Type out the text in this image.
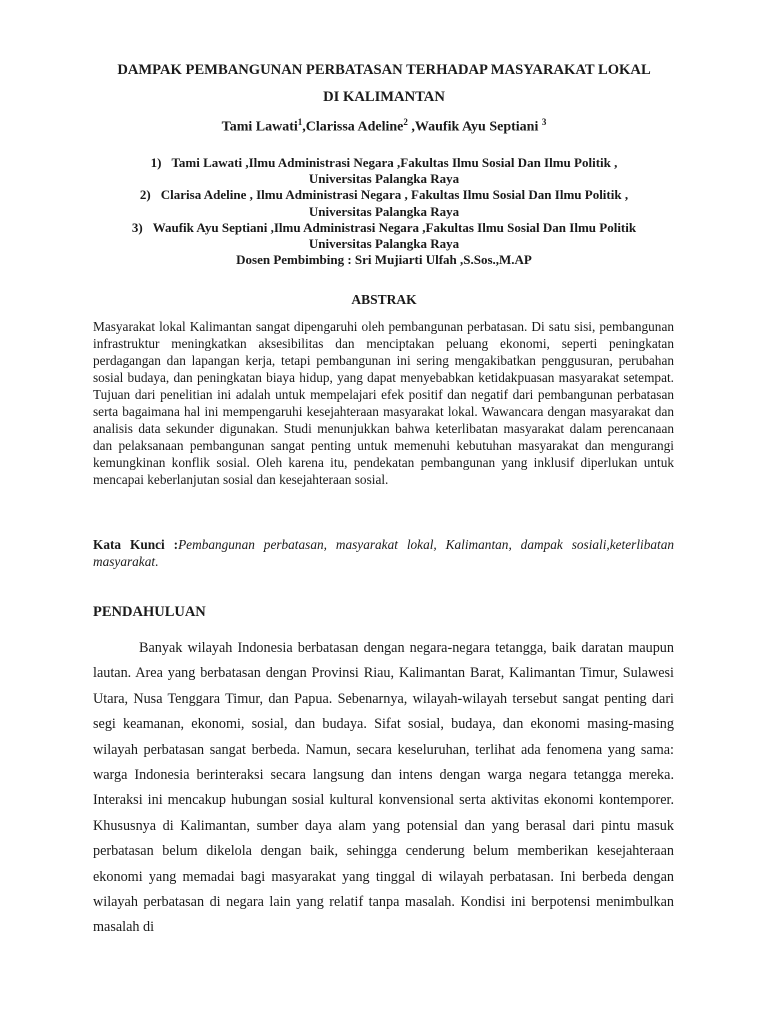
DAMPAK PEMBANGUNAN PERBATASAN TERHADAP MASYARAKAT LOKAL
DI KALIMANTAN

Tami Lawati$^1$,Clarissa Adeline$^2$ ,Waufik Ayu Septiani $^3$

1) Tami Lawati ,Ilmu Administrasi Negara ,Fakultas Ilmu Sosial Dan Ilmu Politik ,
Universitas Palangka Raya
2) Clarisa Adeline , Ilmu Administrasi Negara , Fakultas Ilmu Sosial Dan Ilmu Politik ,
Universitas Palangka Raya
3) Waufik Ayu Septiani ,Ilmu Administrasi Negara ,Fakultas Ilmu Sosial Dan Ilmu Politik
Universitas Palangka Raya
Dosen Pembimbing : Sri Mujiarti Ulfah ,S.Sos.,M.AP
ABSTRAK

Masyarakat lokal Kalimantan sangat dipengaruhi oleh pembangunan perbatasan. Di satu sisi, pembangunan infrastruktur meningkatkan aksesibilitas dan menciptakan peluang ekonomi, seperti peningkatan perdagangan dan lapangan kerja, tetapi pembangunan ini sering mengakibatkan penggusuran, perubahan sosial budaya, dan peningkatan biaya hidup, yang dapat menyebabkan ketidakpuasan masyarakat setempat. Tujuan dari penelitian ini adalah untuk mempelajari efek positif dan negatif dari pembangunan perbatasan serta bagaimana hal ini mempengaruhi kesejahteraan masyarakat lokal. Wawancara dengan masyarakat dan analisis data sekunder digunakan. Studi menunjukkan bahwa keterlibatan masyarakat dalam perencanaan dan pelaksanaan pembangunan sangat penting untuk memenuhi kebutuhan masyarakat dan mengurangi kemungkinan konflik sosial. Oleh karena itu, pendekatan pembangunan yang inklusif diperlukan untuk mencapai keberlanjutan sosial dan kesejahteraan sosial.

Kata Kunci :Pembangunan perbatasan, masyarakat lokal, Kalimantan, dampak sosiali,keterlibatan masyarakat.

PENDAHULUAN

Banyak wilayah Indonesia berbatasan dengan negara-negara tetangga, baik daratan maupun lautan. Area yang berbatasan dengan Provinsi Riau, Kalimantan Barat, Kalimantan Timur, Sulawesi Utara, Nusa Tenggara Timur, dan Papua. Sebenarnya, wilayah-wilayah tersebut sangat penting dari segi keamanan, ekonomi, sosial, dan budaya. Sifat sosial, budaya, dan ekonomi masing-masing wilayah perbatasan sangat berbeda. Namun, secara keseluruhan, terlihat ada fenomena yang sama: warga Indonesia berinteraksi secara langsung dan intens dengan warga negara tetangga mereka. Interaksi ini mencakup hubungan sosial kultural konvensional serta aktivitas ekonomi kontemporer. Khususnya di Kalimantan, sumber daya alam yang potensial dan yang berasal dari pintu masuk perbatasan belum dikelola dengan baik, sehingga cenderung belum memberikan kesejahteraan ekonomi yang memadai bagi masyarakat yang tinggal di wilayah perbatasan. Ini berbeda dengan wilayah perbatasan di negara lain yang relatif tanpa masalah. Kondisi ini berpotensi menimbulkan masalah di
